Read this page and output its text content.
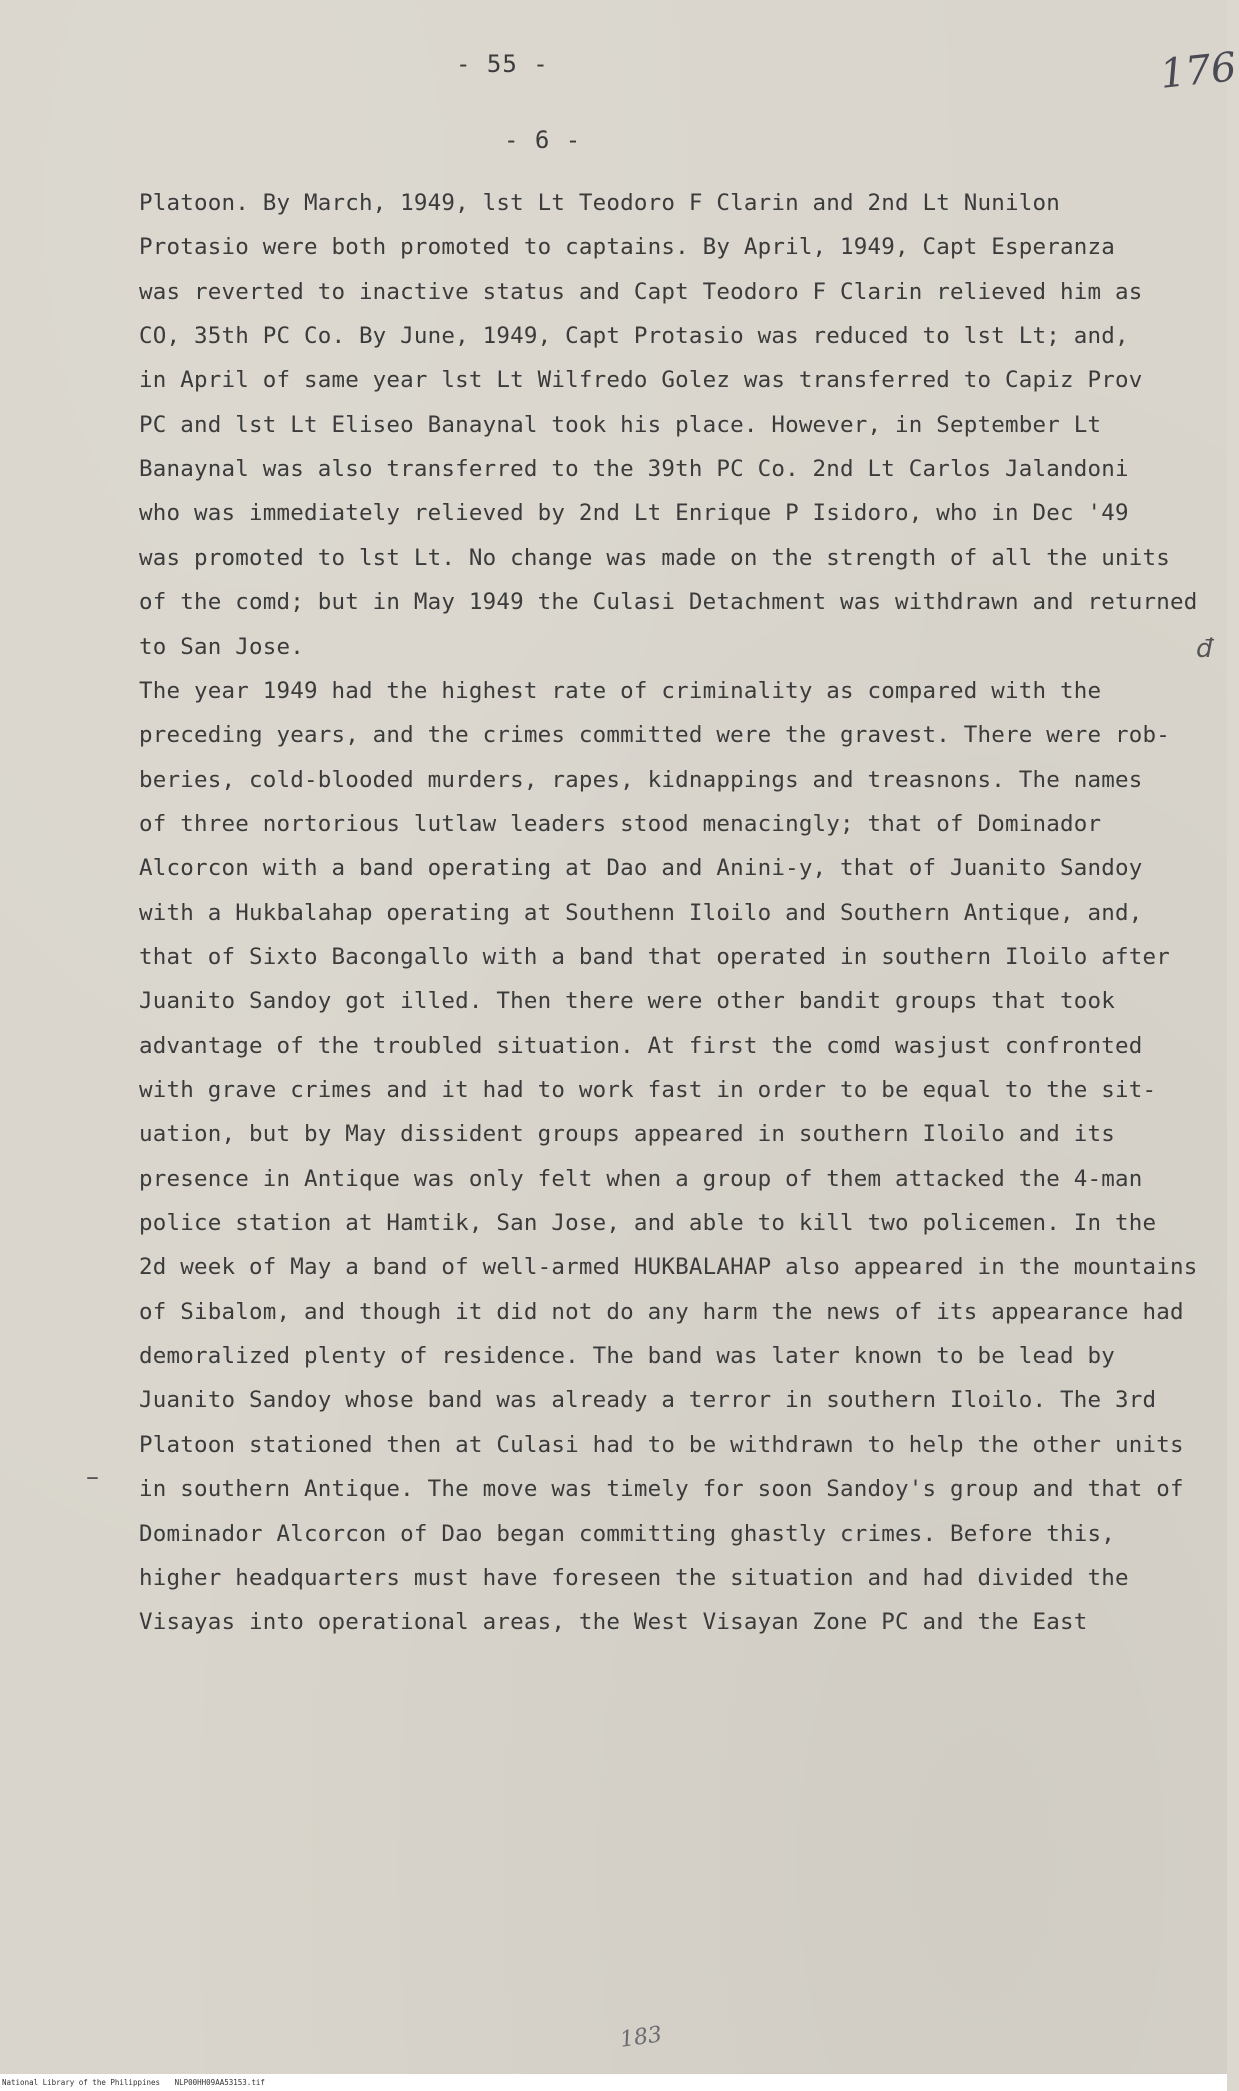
- 55 -	176
- 6 -
Platoon. By March, 1949, lst Lt Teodoro F Clarin and 2nd Lt Nunilon
Protasio were both promoted to captains. By April, 1949, Capt Esperanza
was reverted to inactive status and Capt Teodoro F Clarin relieved him as
CO, 35th PC Co. By June, 1949, Capt Protasio was reduced to lst Lt; and,
in April of same year lst Lt Wilfredo Golez was transferred to Capiz Prov
PC and lst Lt Eliseo Banaynal took his place. However, in September Lt
Banaynal was also transferred to the 39th PC Co. 2nd Lt Carlos Jalandoni
who was immediately relieved by 2nd Lt Enrique P Isidoro, who in Dec '49
was promoted to lst Lt. No change was made on the strength of all the units
of the comd; but in May 1949 the Culasi Detachment was withdrawn and returned
to San Jose.
The year 1949 had the highest rate of criminality as compared with the
preceding years, and the crimes committed were the gravest. There were rob-
beries, cold-blooded murders, rapes, kidnappings and treasnons. The names
of three nortorious lutlaw leaders stood menacingly; that of Dominador
Alcorcon with a band operating at Dao and Anini-y, that of Juanito Sandoy
with a Hukbalahap operating at Southenn Iloilo and Southern Antique, and,
that of Sixto Bacongallo with a band that operated in southern Iloilo after
Juanito Sandoy got illed. Then there were other bandit groups that took
advantage of the troubled situation. At first the comd wasjust confronted
with grave crimes and it had to work fast in order to be equal to the sit-
uation, but by May dissident groups appeared in southern Iloilo and its
presence in Antique was only felt when a group of them attacked the 4-man
police station at Hamtik, San Jose, and able to kill two policemen. In the
2d week of May a band of well-armed HUKBALAHAP also appeared in the mountains
of Sibalom, and though it did not do any harm the news of its appearance had
demoralized plenty of residence. The band was later known to be lead by
Juanito Sandoy whose band was already a terror in southern Iloilo. The 3rd
Platoon stationed then at Culasi had to be withdrawn to help the other units
in southern Antique. The move was timely for soon Sandoy's group and that of
Dominador Alcorcon of Dao began committing ghastly crimes. Before this,
higher headquarters must have foreseen the situation and had divided the
Visayas into operational areas, the West Visayan Zone PC and the East
đ
–
183
National Library of the Philippines NLP00HH09AA53153.tif
